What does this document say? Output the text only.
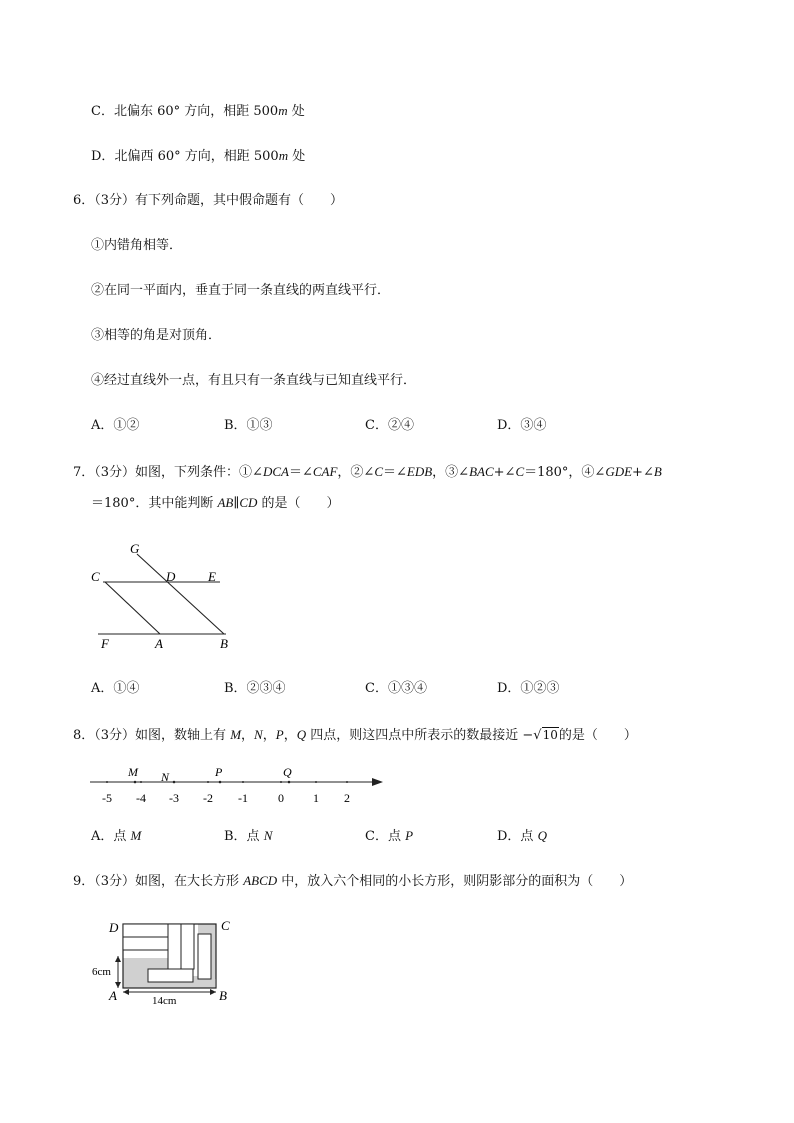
C．北偏东 60° 方向，相距 500m 处
D．北偏西 60° 方向，相距 500m 处
6．（3分）有下列命题，其中假命题有（　　）
①内错角相等．
②在同一平面内，垂直于同一条直线的两直线平行．
③相等的角是对顶角．
④经过直线外一点，有且只有一条直线与已知直线平行．
A．①②	B．①③	C．②④	D．③④
7．（3分）如图，下列条件：①∠DCA＝∠CAF，②∠C＝∠EDB，③∠BAC+∠C＝180°，④∠GDE+∠B
＝180°．其中能判断 AB∥CD 的是（　　）
G
C	D	E
F	A	B
A．①④	B．②③④	C．①③④	D．①②③
8．（3分）如图，数轴上有 M，N，P，Q 四点，则这四点中所表示的数最接近 −√10的是（　　）
-5 -4 -3 -2 -1	0 1 2
M N	P	Q
A．点 M	B．点 N	C．点 P	D．点 Q
9．（3分）如图，在大长方形 ABCD 中，放入六个相同的小长方形，则阴影部分的面积为（　　）
D	C
A	B
6cm
14cm
